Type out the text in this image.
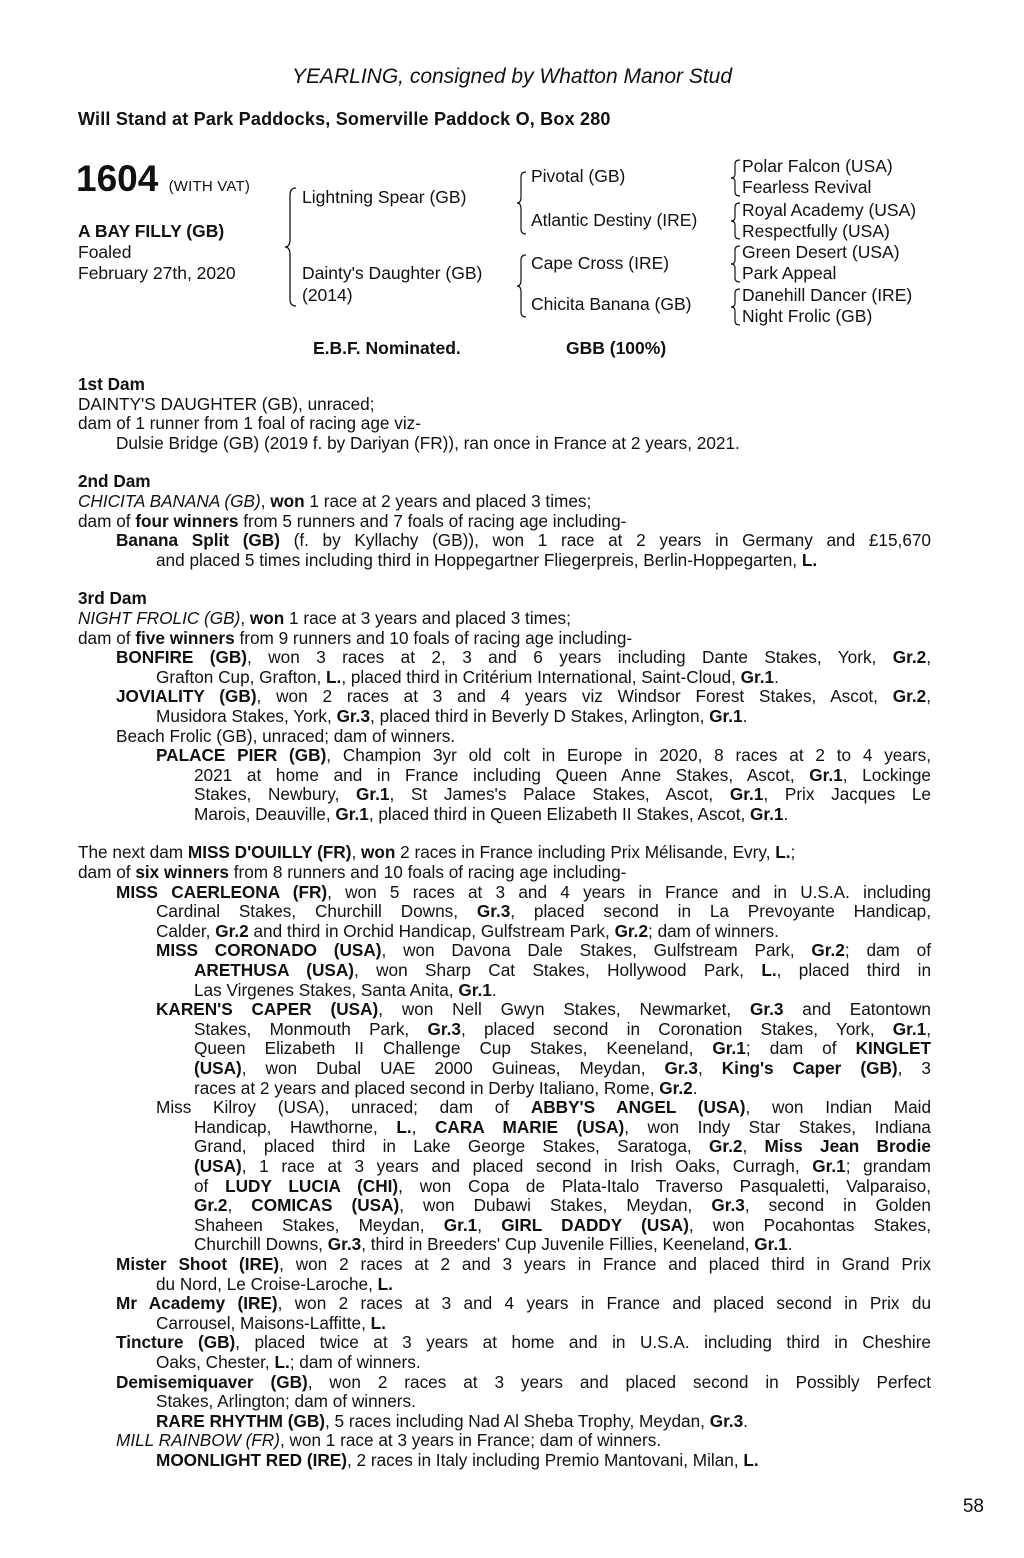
YEARLING, consigned by Whatton Manor Stud
Will Stand at Park Paddocks, Somerville Paddock O, Box 280
1604 (WITH VAT)
A BAY FILLY (GB)
Foaled
February 27th, 2020
Lightning Spear (GB)
Dainty's Daughter (GB)
(2014)
Pivotal (GB)
Atlantic Destiny (IRE)
Cape Cross (IRE)
Chicita Banana (GB)
Polar Falcon (USA)
Fearless Revival
Royal Academy (USA)
Respectfully (USA)
Green Desert (USA)
Park Appeal
Danehill Dancer (IRE)
Night Frolic (GB)
E.B.F. Nominated.	GBB (100%)
1st Dam
DAINTY'S DAUGHTER (GB), unraced;
dam of 1 runner from 1 foal of racing age viz-
Dulsie Bridge (GB) (2019 f. by Dariyan (FR)), ran once in France at 2 years, 2021.
2nd Dam
CHICITA BANANA (GB), won 1 race at 2 years and placed 3 times;
dam of four winners from 5 runners and 7 foals of racing age including-
Banana Split (GB) (f. by Kyllachy (GB)), won 1 race at 2 years in Germany and £15,670
and placed 5 times including third in Hoppegartner Fliegerpreis, Berlin-Hoppegarten, L.
3rd Dam
NIGHT FROLIC (GB), won 1 race at 3 years and placed 3 times;
dam of five winners from 9 runners and 10 foals of racing age including-
BONFIRE (GB), won 3 races at 2, 3 and 6 years including Dante Stakes, York, Gr.2,
Grafton Cup, Grafton, L., placed third in Critérium International, Saint-Cloud, Gr.1.
JOVIALITY (GB), won 2 races at 3 and 4 years viz Windsor Forest Stakes, Ascot, Gr.2,
Musidora Stakes, York, Gr.3, placed third in Beverly D Stakes, Arlington, Gr.1.
Beach Frolic (GB), unraced; dam of winners.
PALACE PIER (GB), Champion 3yr old colt in Europe in 2020, 8 races at 2 to 4 years,
2021 at home and in France including Queen Anne Stakes, Ascot, Gr.1, Lockinge
Stakes, Newbury, Gr.1, St James's Palace Stakes, Ascot, Gr.1, Prix Jacques Le
Marois, Deauville, Gr.1, placed third in Queen Elizabeth II Stakes, Ascot, Gr.1.
The next dam MISS D'OUILLY (FR), won 2 races in France including Prix Mélisande, Evry, L.;
dam of six winners from 8 runners and 10 foals of racing age including-
MISS CAERLEONA (FR), won 5 races at 3 and 4 years in France and in U.S.A. including
Cardinal Stakes, Churchill Downs, Gr.3, placed second in La Prevoyante Handicap,
Calder, Gr.2 and third in Orchid Handicap, Gulfstream Park, Gr.2; dam of winners.
MISS CORONADO (USA), won Davona Dale Stakes, Gulfstream Park, Gr.2; dam of
ARETHUSA (USA), won Sharp Cat Stakes, Hollywood Park, L., placed third in
Las Virgenes Stakes, Santa Anita, Gr.1.
KAREN'S CAPER (USA), won Nell Gwyn Stakes, Newmarket, Gr.3 and Eatontown
Stakes, Monmouth Park, Gr.3, placed second in Coronation Stakes, York, Gr.1,
Queen Elizabeth II Challenge Cup Stakes, Keeneland, Gr.1; dam of KINGLET
(USA), won Dubal UAE 2000 Guineas, Meydan, Gr.3, King's Caper (GB), 3
races at 2 years and placed second in Derby Italiano, Rome, Gr.2.
Miss Kilroy (USA), unraced; dam of ABBY'S ANGEL (USA), won Indian Maid
Handicap, Hawthorne, L., CARA MARIE (USA), won Indy Star Stakes, Indiana
Grand, placed third in Lake George Stakes, Saratoga, Gr.2, Miss Jean Brodie
(USA), 1 race at 3 years and placed second in Irish Oaks, Curragh, Gr.1; grandam
of LUDY LUCIA (CHI), won Copa de Plata-Italo Traverso Pasqualetti, Valparaiso,
Gr.2, COMICAS (USA), won Dubawi Stakes, Meydan, Gr.3, second in Golden
Shaheen Stakes, Meydan, Gr.1, GIRL DADDY (USA), won Pocahontas Stakes,
Churchill Downs, Gr.3, third in Breeders' Cup Juvenile Fillies, Keeneland, Gr.1.
Mister Shoot (IRE), won 2 races at 2 and 3 years in France and placed third in Grand Prix
du Nord, Le Croise-Laroche, L.
Mr Academy (IRE), won 2 races at 3 and 4 years in France and placed second in Prix du
Carrousel, Maisons-Laffitte, L.
Tincture (GB), placed twice at 3 years at home and in U.S.A. including third in Cheshire
Oaks, Chester, L.; dam of winners.
Demisemiquaver (GB), won 2 races at 3 years and placed second in Possibly Perfect
Stakes, Arlington; dam of winners.
RARE RHYTHM (GB), 5 races including Nad Al Sheba Trophy, Meydan, Gr.3.
MILL RAINBOW (FR), won 1 race at 3 years in France; dam of winners.
MOONLIGHT RED (IRE), 2 races in Italy including Premio Mantovani, Milan, L.
58
